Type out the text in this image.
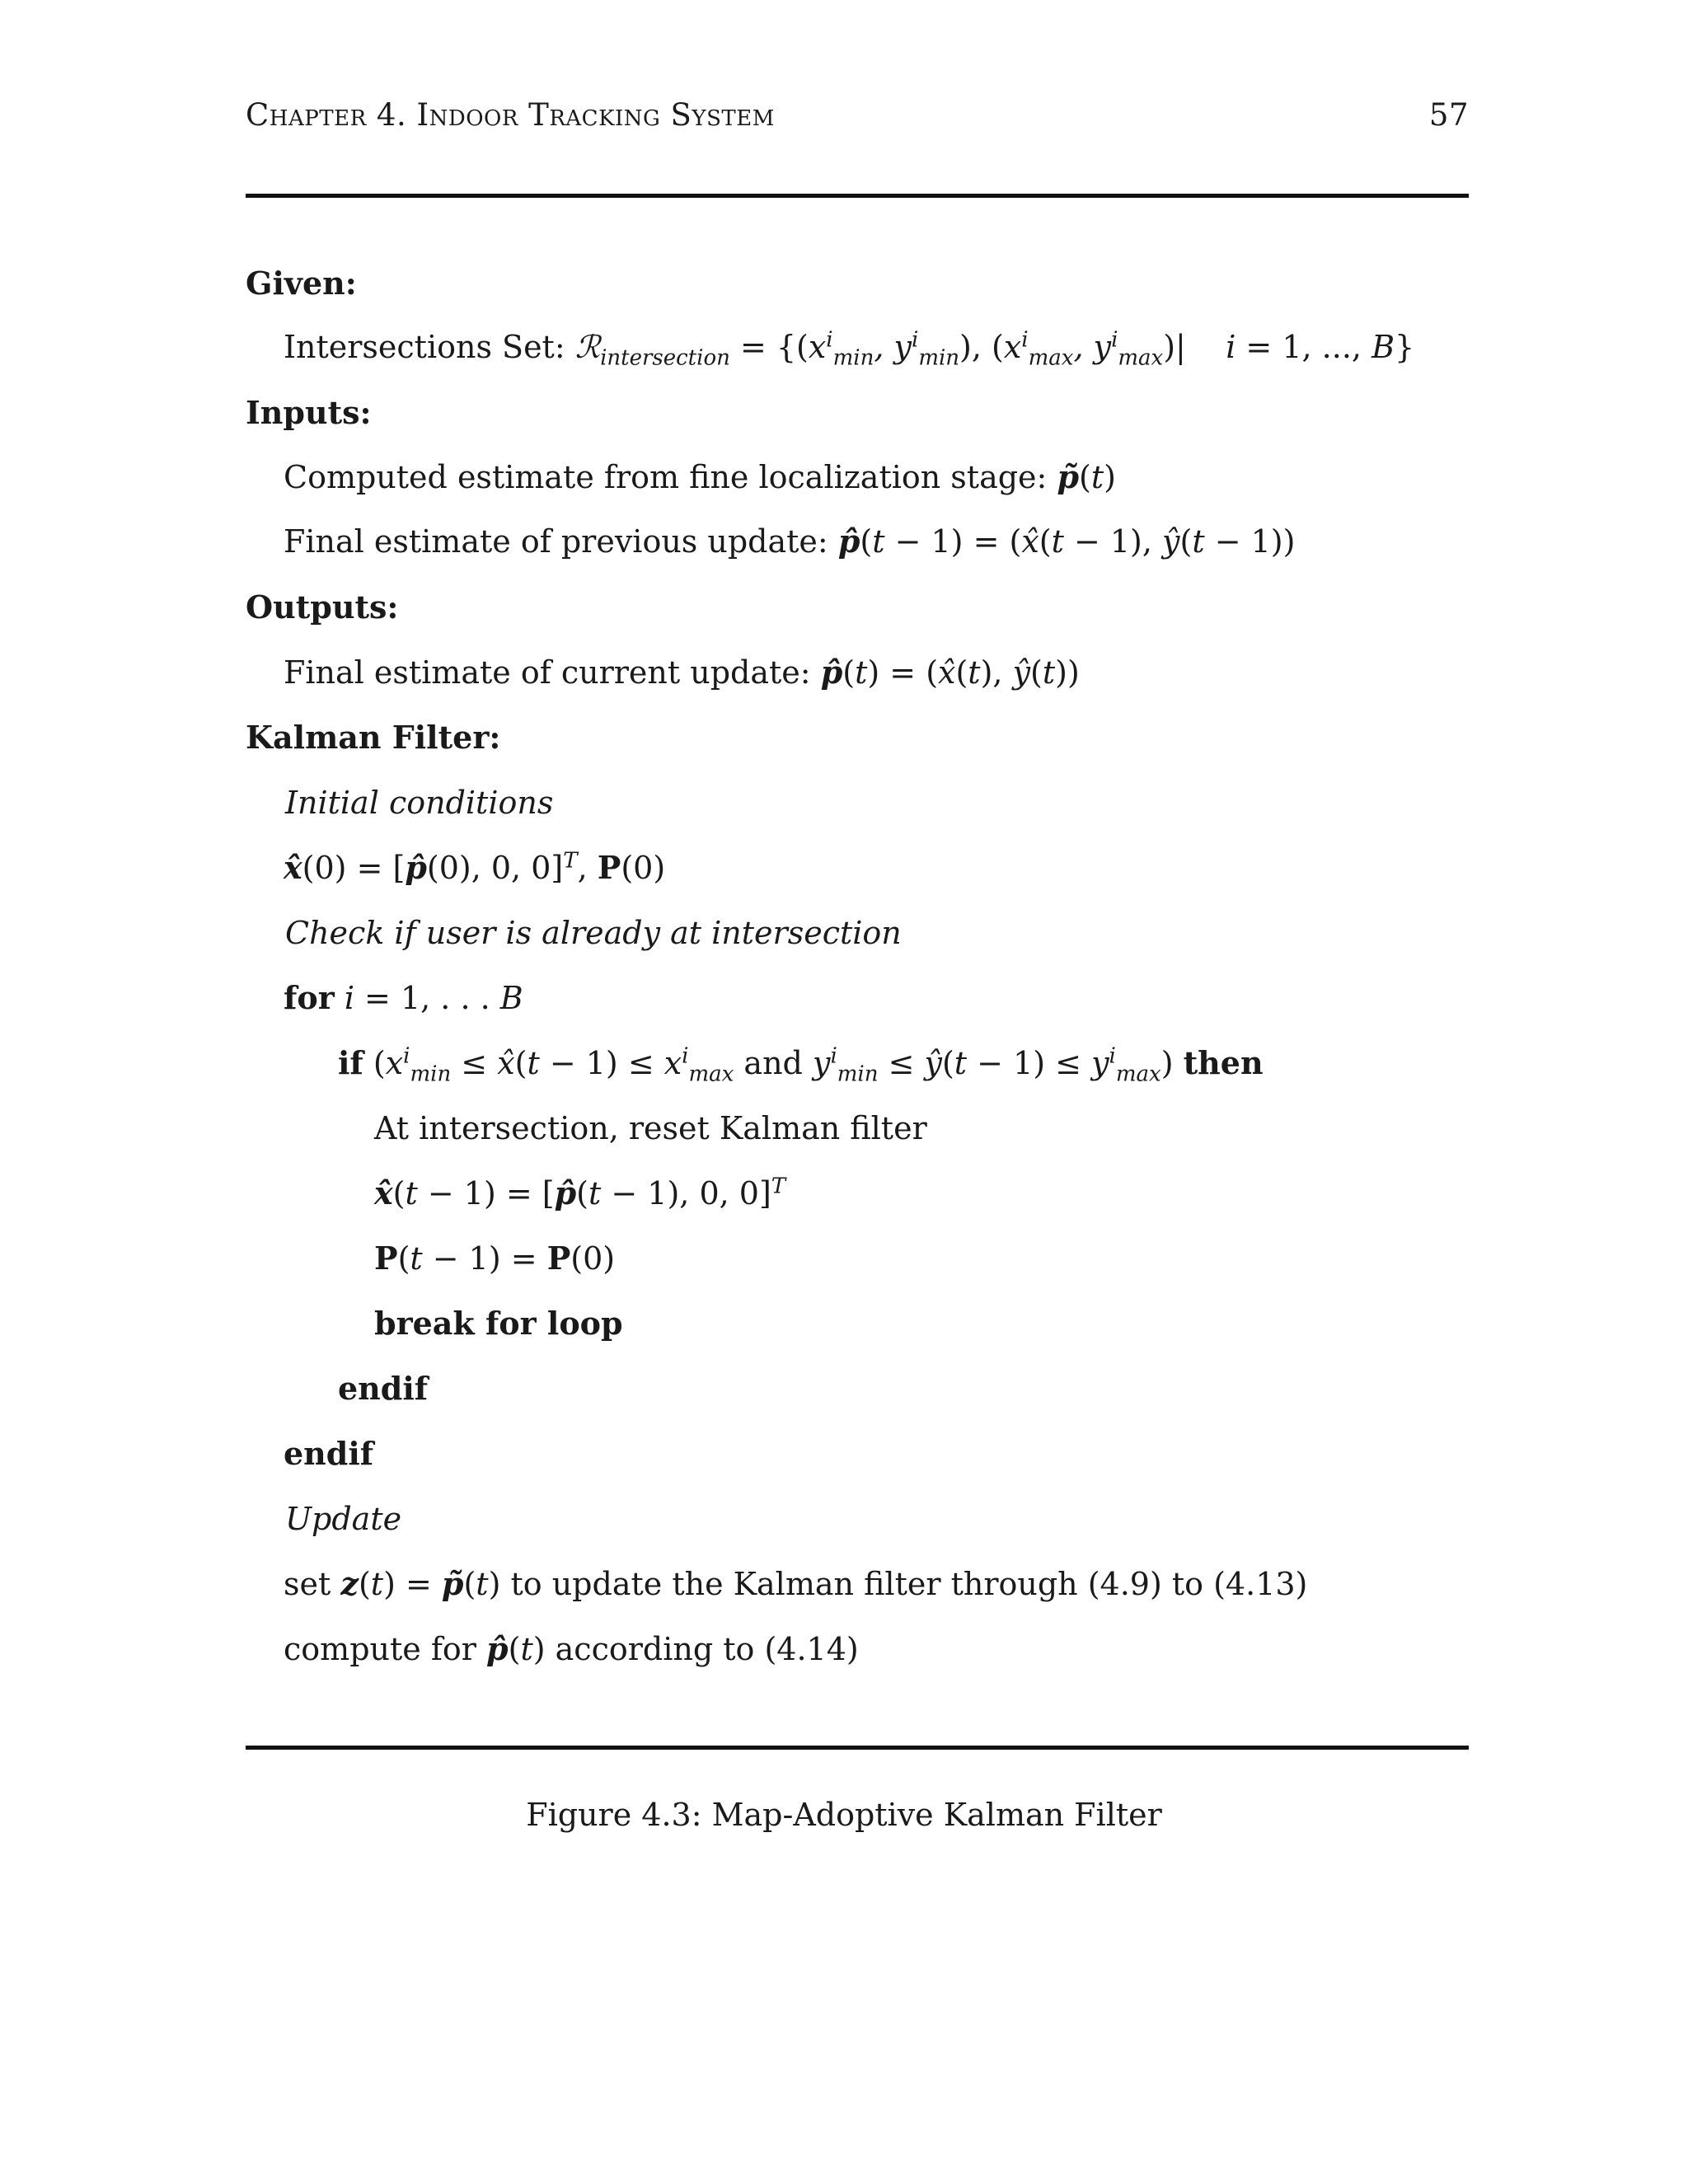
Chapter 4. Indoor Tracking System	57
Given:
Intersections Set: ℛ$_{intersection}$ = {($x^i_{min}$, $y^i_{min}$), ($x^i_{max}$, $y^i_{max})|$    i = 1, ..., B}
Inputs:
Computed estimate from fine localization stage: p̃(t)
Final estimate of previous update: p̂(t − 1) = (x̂(t − 1), ŷ(t − 1))
Outputs:
Final estimate of current update: p̂(t) = (x̂(t), ŷ(t))
Kalman Filter:
Initial conditions
x̂(0) = [p̂(0), 0, 0]$^T$, P(0)
Check if user is already at intersection
for i = 1, . . . B
if ($x^i_{min}$ ≤ x̂(t − $1) \le x^i_{max}$ and $y^i_{min}$ ≤ ŷ(t − $1) \le y^i_{max}$) then
At intersection, reset Kalman filter
x̂(t − 1) = [p̂(t − 1), 0, 0]$^T$
P(t − 1) = P(0)
break for loop
endif
endif
Update
set z(t) = p̃(t) to update the Kalman filter through (4.9) to (4.13)
compute for p̂(t) according to (4.14)
Figure 4.3: Map-Adoptive Kalman Filter
